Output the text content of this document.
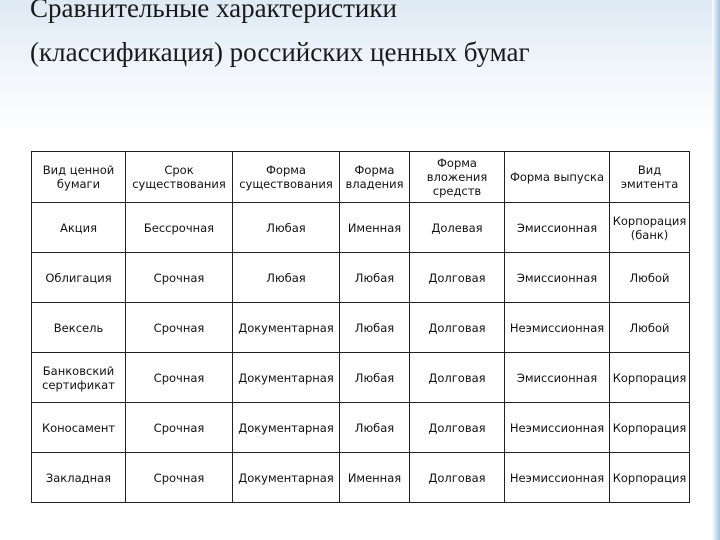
Сравнительные характеристики
(классификация) российских ценных бумаг
Вид ценной бумаги	Срок существования	Форма существования	Форма владения	Форма вложения средств	Форма выпуска	Вид эмитента
Акция	Бессрочная	Любая	Именная	Долевая	Эмиссионная	Корпорация (банк)
Облигация	Срочная	Любая	Любая	Долговая	Эмиссионная	Любой
Вексель	Срочная	Документарная	Любая	Долговая	Неэмиссионная	Любой
Банковский сертификат	Срочная	Документарная	Любая	Долговая	Эмиссионная	Корпорация
Коносамент	Срочная	Документарная	Любая	Долговая	Неэмиссионная	Корпорация
Закладная	Срочная	Документарная	Именная	Долговая	Неэмиссионная	Корпорация
